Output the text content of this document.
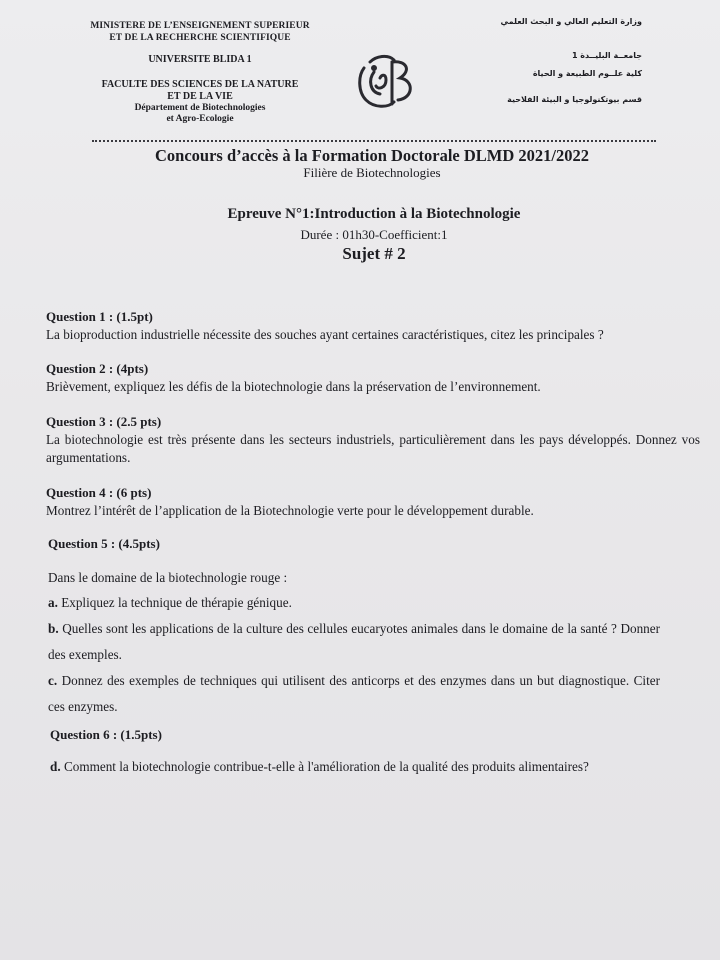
MINISTERE DE L’ENSEIGNEMENT SUPERIEUR
ET DE LA RECHERCHE SCIENTIFIQUE
UNIVERSITE BLIDA 1
FACULTE DES SCIENCES DE LA NATURE
ET DE LA VIE
Département de Biotechnologies
et Agro-Ecologie
وزارة التعليم العالي و البحث العلمي
جامعــة البليــدة 1
كلية علــوم الطبيعة و الحياة
قسم بيوتكنولوجيا و البيئة الفلاحية
Concours d’accès à la Formation Doctorale DLMD 2021/2022
Filière de Biotechnologies
Epreuve N°1:Introduction à la Biotechnologie
Durée : 01h30-Coefficient:1
Sujet # 2
Question 1 : (1.5pt)
La bioproduction industrielle nécessite des souches ayant certaines caractéristiques, citez les principales ?
Question 2 : (4pts)
Brièvement, expliquez les défis de la biotechnologie dans la préservation de l’environnement.
Question 3 : (2.5 pts)
La biotechnologie est très présente dans les secteurs industriels, particulièrement dans les pays développés. Donnez vos argumentations.
Question 4 : (6 pts)
Montrez l’intérêt de l’application de la Biotechnologie verte pour le développement durable.
Question 5 : (4.5pts)
Dans le domaine de la biotechnologie rouge :
a. Expliquez la technique de thérapie génique.
b. Quelles sont les applications de la culture des cellules eucaryotes animales dans le domaine de la santé ? Donner des exemples.
c. Donnez des exemples de techniques qui utilisent des anticorps et des enzymes dans un but diagnostique. Citer ces enzymes.
Question 6 : (1.5pts)
d. Comment la biotechnologie contribue-t-elle à l'amélioration de la qualité des produits alimentaires?
